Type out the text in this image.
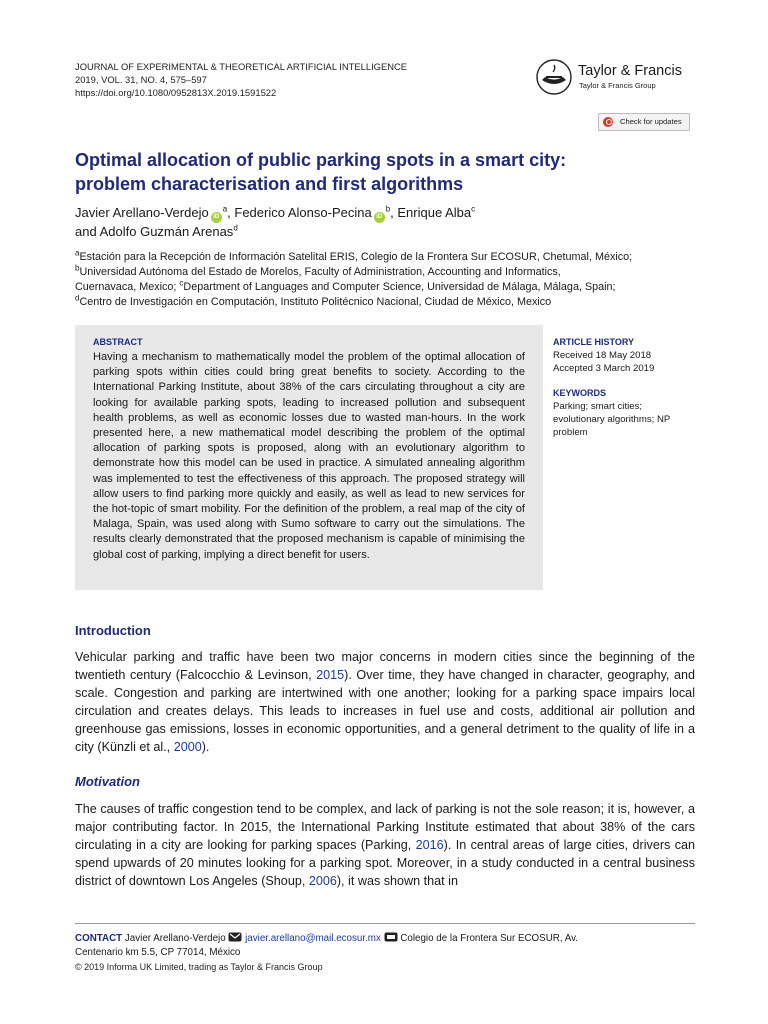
JOURNAL OF EXPERIMENTAL & THEORETICAL ARTIFICIAL INTELLIGENCE
2019, VOL. 31, NO. 4, 575–597
https://doi.org/10.1080/0952813X.2019.1591522
Taylor & Francis
Taylor & Francis Group
Check for updates
Optimal allocation of public parking spots in a smart city:
problem characterisation and first algorithms
Javier Arellano-Verdejo $iD^a$, Federico Alonso-Pecina $iD^b$, Enrique Alba$^c$
and Adolfo Guzmán Arenas$^d$
$^a$Estación para la Recepción de Información Satelital ERIS, Colegio de la Frontera Sur ECOSUR, Chetumal, México;
$^b$Universidad Autónoma del Estado de Morelos, Faculty of Administration, Accounting and Informatics,
Cuernavaca, Mexico; $^c$Department of Languages and Computer Science, Universidad de Málaga, Málaga, Spain;
$^d$Centro de Investigación en Computación, Instituto Politécnico Nacional, Ciudad de México, Mexico
ABSTRACT
Having a mechanism to mathematically model the problem of the optimal allocation of parking spots within cities could bring great benefits to society. According to the International Parking Institute, about 38% of the cars circulating throughout a city are looking for available parking spots, leading to increased pollution and subsequent health problems, as well as economic losses due to wasted man-hours. In the work presented here, a new mathematical model describing the problem of the optimal allocation of parking spots is proposed, along with an evolutionary algorithm to demonstrate how this model can be used in practice. A simulated annealing algorithm was implemented to test the effectiveness of this approach. The proposed strategy will allow users to find parking more quickly and easily, as well as lead to new services for the hot-topic of smart mobility. For the definition of the problem, a real map of the city of Malaga, Spain, was used along with Sumo software to carry out the simulations. The results clearly demonstrated that the proposed mechanism is capable of minimising the global cost of parking, implying a direct benefit for users.
ARTICLE HISTORY
Received 18 May 2018
Accepted 3 March 2019
KEYWORDS
Parking; smart cities;
evolutionary algorithms; NP
problem
Introduction
Vehicular parking and traffic have been two major concerns in modern cities since the beginning of the twentieth century (Falcocchio & Levinson, 2015). Over time, they have changed in character, geography, and scale. Congestion and parking are intertwined with one another; looking for a parking space impairs local circulation and creates delays. This leads to increases in fuel use and costs, additional air pollution and greenhouse gas emissions, losses in economic opportunities, and a general detriment to the quality of life in a city (Künzli et al., 2000).
Motivation
The causes of traffic congestion tend to be complex, and lack of parking is not the sole reason; it is, however, a major contributing factor. In 2015, the International Parking Institute estimated that about 38% of the cars circulating in a city are looking for parking spaces (Parking, 2016). In central areas of large cities, drivers can spend upwards of 20 minutes looking for a parking spot. Moreover, in a study conducted in a central business district of downtown Los Angeles (Shoup, 2006), it was shown that in
CONTACT Javier Arellano-Verdejo javier.arellano@mail.ecosur.mx Colegio de la Frontera Sur ECOSUR, Av.
Centenario km 5.5, CP 77014, México
© 2019 Informa UK Limited, trading as Taylor & Francis Group
